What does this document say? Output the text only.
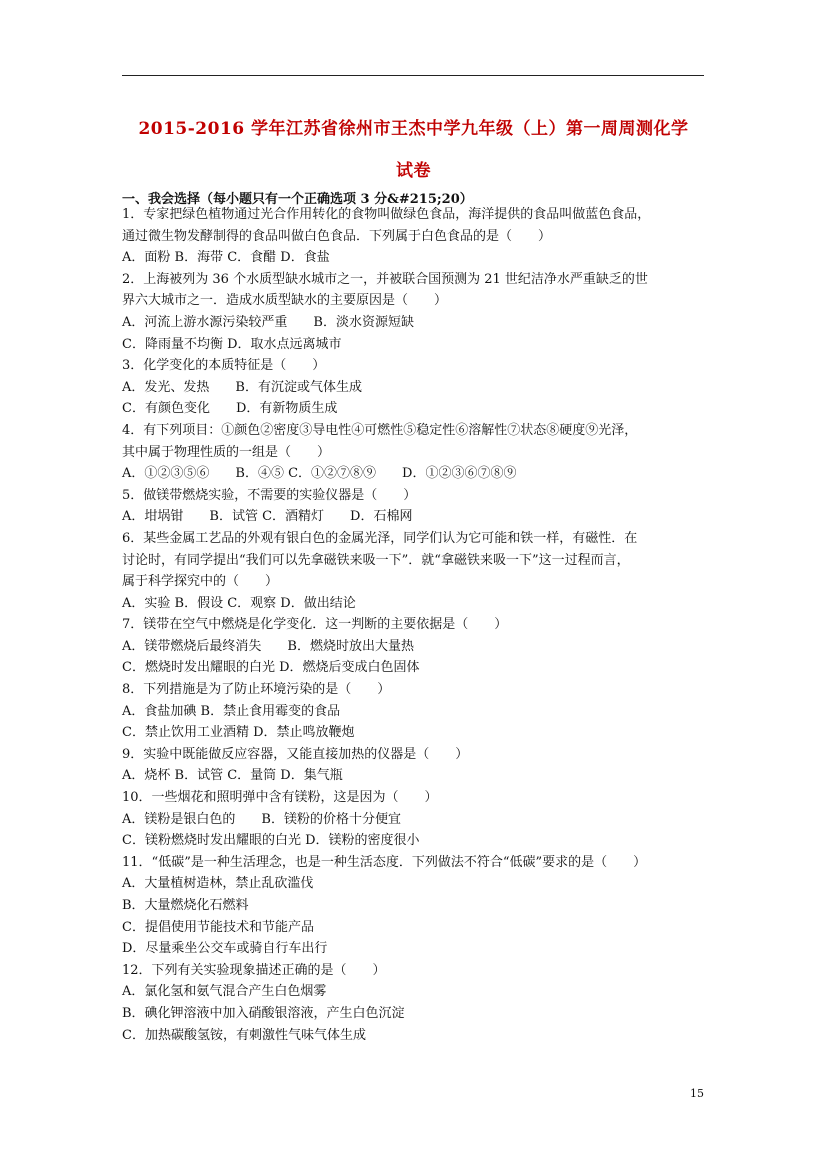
2015-2016 学年江苏省徐州市王杰中学九年级（上）第一周周测化学
试卷
一、我会选择（每小题只有一个正确选项 3 分&#215;20）
1．专家把绿色植物通过光合作用转化的食物叫做绿色食品，海洋提供的食品叫做蓝色食品，
通过微生物发酵制得的食品叫做白色食品．下列属于白色食品的是（　　）
A．面粉 B．海带 C．食醋 D．食盐
2．上海被列为 36 个水质型缺水城市之一，并被联合国预测为 21 世纪洁净水严重缺乏的世
界六大城市之一．造成水质型缺水的主要原因是（　　）
A．河流上游水源污染较严重　　B．淡水资源短缺
C．降雨量不均衡 D．取水点远离城市
3．化学变化的本质特征是（　　）
A．发光、发热　　B．有沉淀或气体生成
C．有颜色变化　　D．有新物质生成
4．有下列项目：①颜色②密度③导电性④可燃性⑤稳定性⑥溶解性⑦状态⑧硬度⑨光泽，
其中属于物理性质的一组是（　　）
A．①②③⑤⑥　　B．④⑤ C．①②⑦⑧⑨　　D．①②③⑥⑦⑧⑨
5．做镁带燃烧实验，不需要的实验仪器是（　　）
A．坩埚钳　　B．试管 C．酒精灯　　D．石棉网
6．某些金属工艺品的外观有银白色的金属光泽，同学们认为它可能和铁一样，有磁性．在
讨论时，有同学提出“我们可以先拿磁铁来吸一下”．就“拿磁铁来吸一下”这一过程而言，
属于科学探究中的（　　）
A．实验 B．假设 C．观察 D．做出结论
7．镁带在空气中燃烧是化学变化．这一判断的主要依据是（　　）
A．镁带燃烧后最终消失　　B．燃烧时放出大量热
C．燃烧时发出耀眼的白光 D．燃烧后变成白色固体
8．下列措施是为了防止环境污染的是（　　）
A．食盐加碘 B．禁止食用霉变的食品
C．禁止饮用工业酒精 D．禁止鸣放鞭炮
9．实验中既能做反应容器，又能直接加热的仪器是（　　）
A．烧杯 B．试管 C．量筒 D．集气瓶
10．一些烟花和照明弹中含有镁粉，这是因为（　　）
A．镁粉是银白色的　　B．镁粉的价格十分便宜
C．镁粉燃烧时发出耀眼的白光 D．镁粉的密度很小
11．“低碳”是一种生活理念，也是一种生活态度．下列做法不符合“低碳”要求的是（　　）
A．大量植树造林，禁止乱砍滥伐
B．大量燃烧化石燃料
C．提倡使用节能技术和节能产品
D．尽量乘坐公交车或骑自行车出行
12．下列有关实验现象描述正确的是（　　）
A．氯化氢和氨气混合产生白色烟雾
B．碘化钾溶液中加入硝酸银溶液，产生白色沉淀
C．加热碳酸氢铵，有刺激性气味气体生成
15
